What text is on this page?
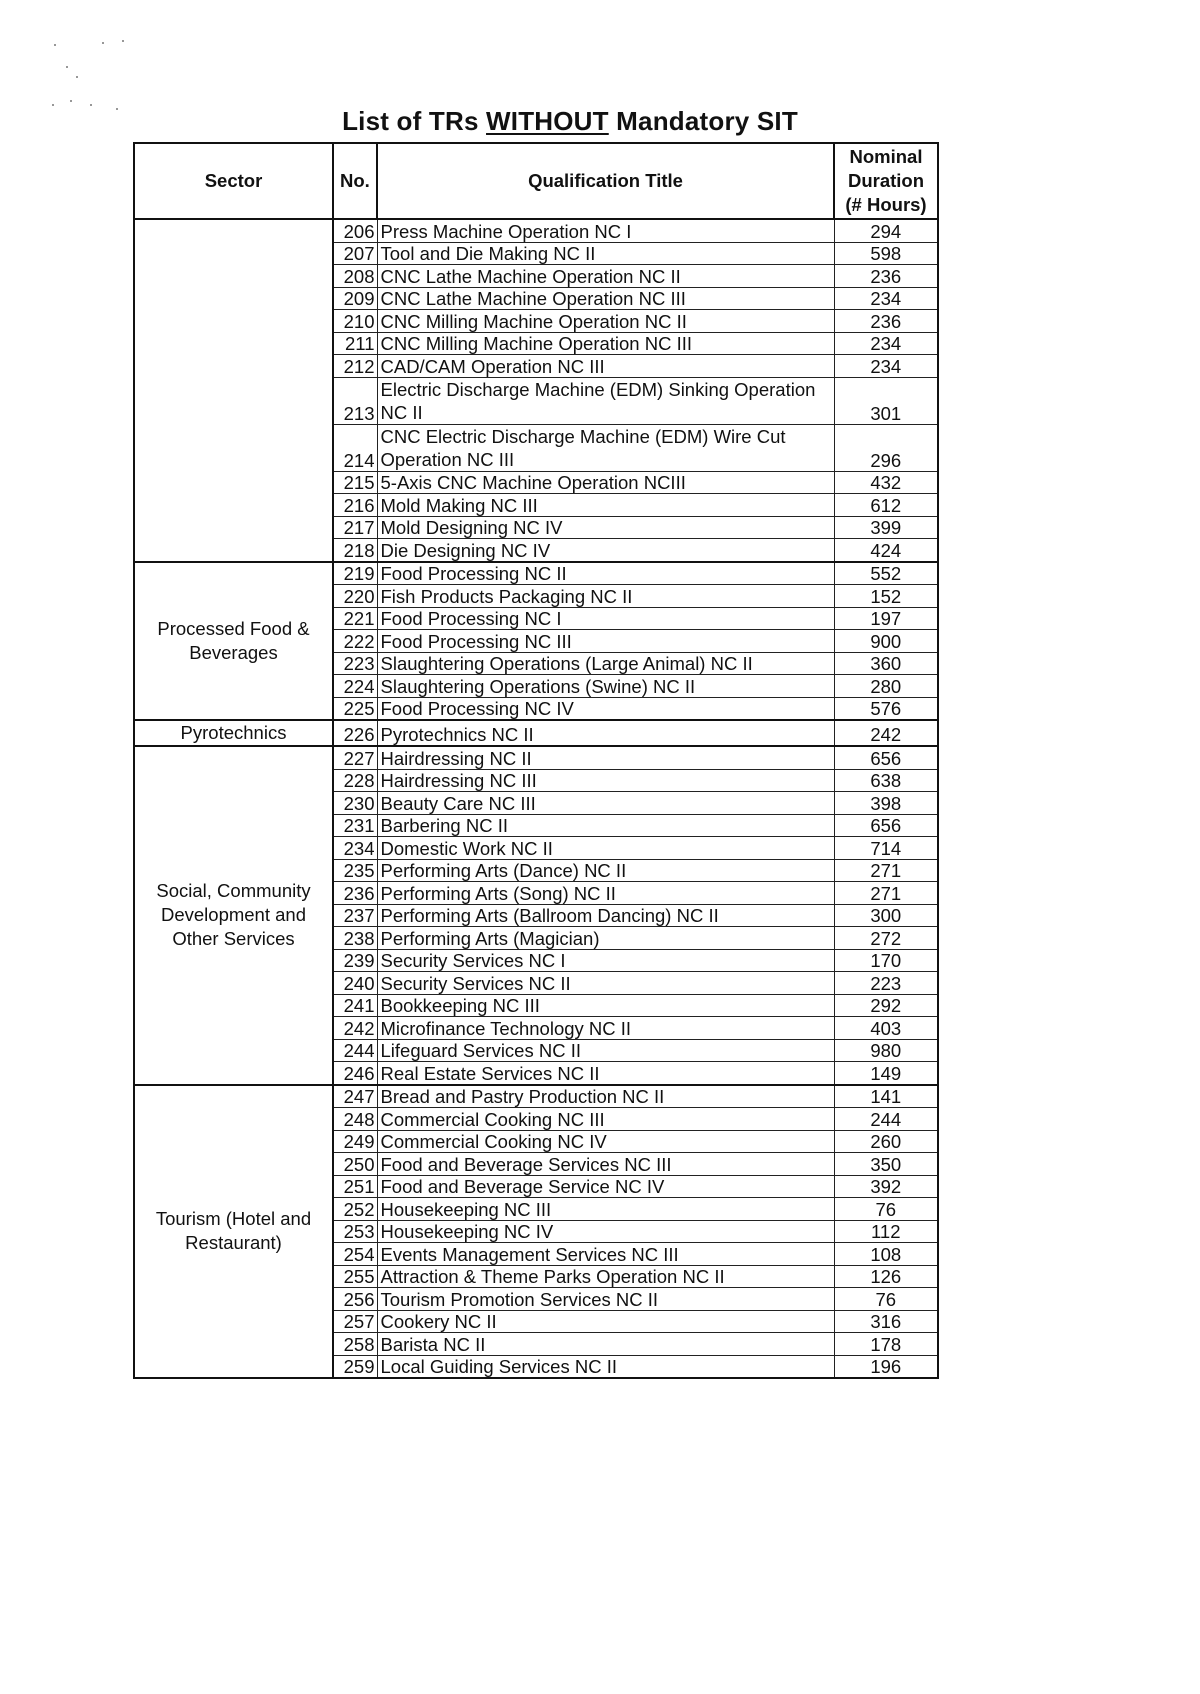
List of TRs WITHOUT Mandatory SIT
Sector	No.	Qualification Title	Nominal
Duration
(# Hours)

	206	Press Machine Operation NC I	294
	207	Tool and Die Making NC II	598
	208	CNC Lathe Machine Operation NC II	236
	209	CNC Lathe Machine Operation NC III	234
	210	CNC Milling Machine Operation NC II	236
	211	CNC Milling Machine Operation NC III	234
	212	CAD/CAM Operation NC III	234
	213	Electric Discharge Machine (EDM) Sinking Operation NC II	301
	214	CNC Electric Discharge Machine (EDM) Wire Cut Operation NC III	296
	215	5-Axis CNC Machine Operation NCIII	432
	216	Mold Making NC III	612
	217	Mold Designing NC IV	399
	218	Die Designing NC IV	424
Processed Food & Beverages	219	Food Processing NC II	552
	220	Fish Products Packaging NC II	152
	221	Food Processing NC I	197
	222	Food Processing NC III	900
	223	Slaughtering Operations (Large Animal) NC II	360
	224	Slaughtering Operations (Swine) NC II	280
	225	Food Processing NC IV	576
Pyrotechnics	226	Pyrotechnics NC II	242
Social, Community Development and Other Services	227	Hairdressing NC II	656
	228	Hairdressing NC III	638
	230	Beauty Care NC III	398
	231	Barbering NC II	656
	234	Domestic Work NC II	714
	235	Performing Arts (Dance) NC II	271
	236	Performing Arts (Song) NC II	271
	237	Performing Arts (Ballroom Dancing) NC II	300
	238	Performing Arts (Magician)	272
	239	Security Services NC I	170
	240	Security Services NC II	223
	241	Bookkeeping NC III	292
	242	Microfinance Technology NC II	403
	244	Lifeguard Services NC II	980
	246	Real Estate Services NC II	149
Tourism (Hotel and Restaurant)	247	Bread and Pastry Production NC II	141
	248	Commercial Cooking NC III	244
	249	Commercial Cooking NC IV	260
	250	Food and Beverage Services NC III	350
	251	Food and Beverage Service NC IV	392
	252	Housekeeping NC III	76
	253	Housekeeping NC IV	112
	254	Events Management Services NC III	108
	255	Attraction & Theme Parks Operation NC II	126
	256	Tourism Promotion Services NC II	76
	257	Cookery NC II	316
	258	Barista NC II	178
	259	Local Guiding Services NC II	196
